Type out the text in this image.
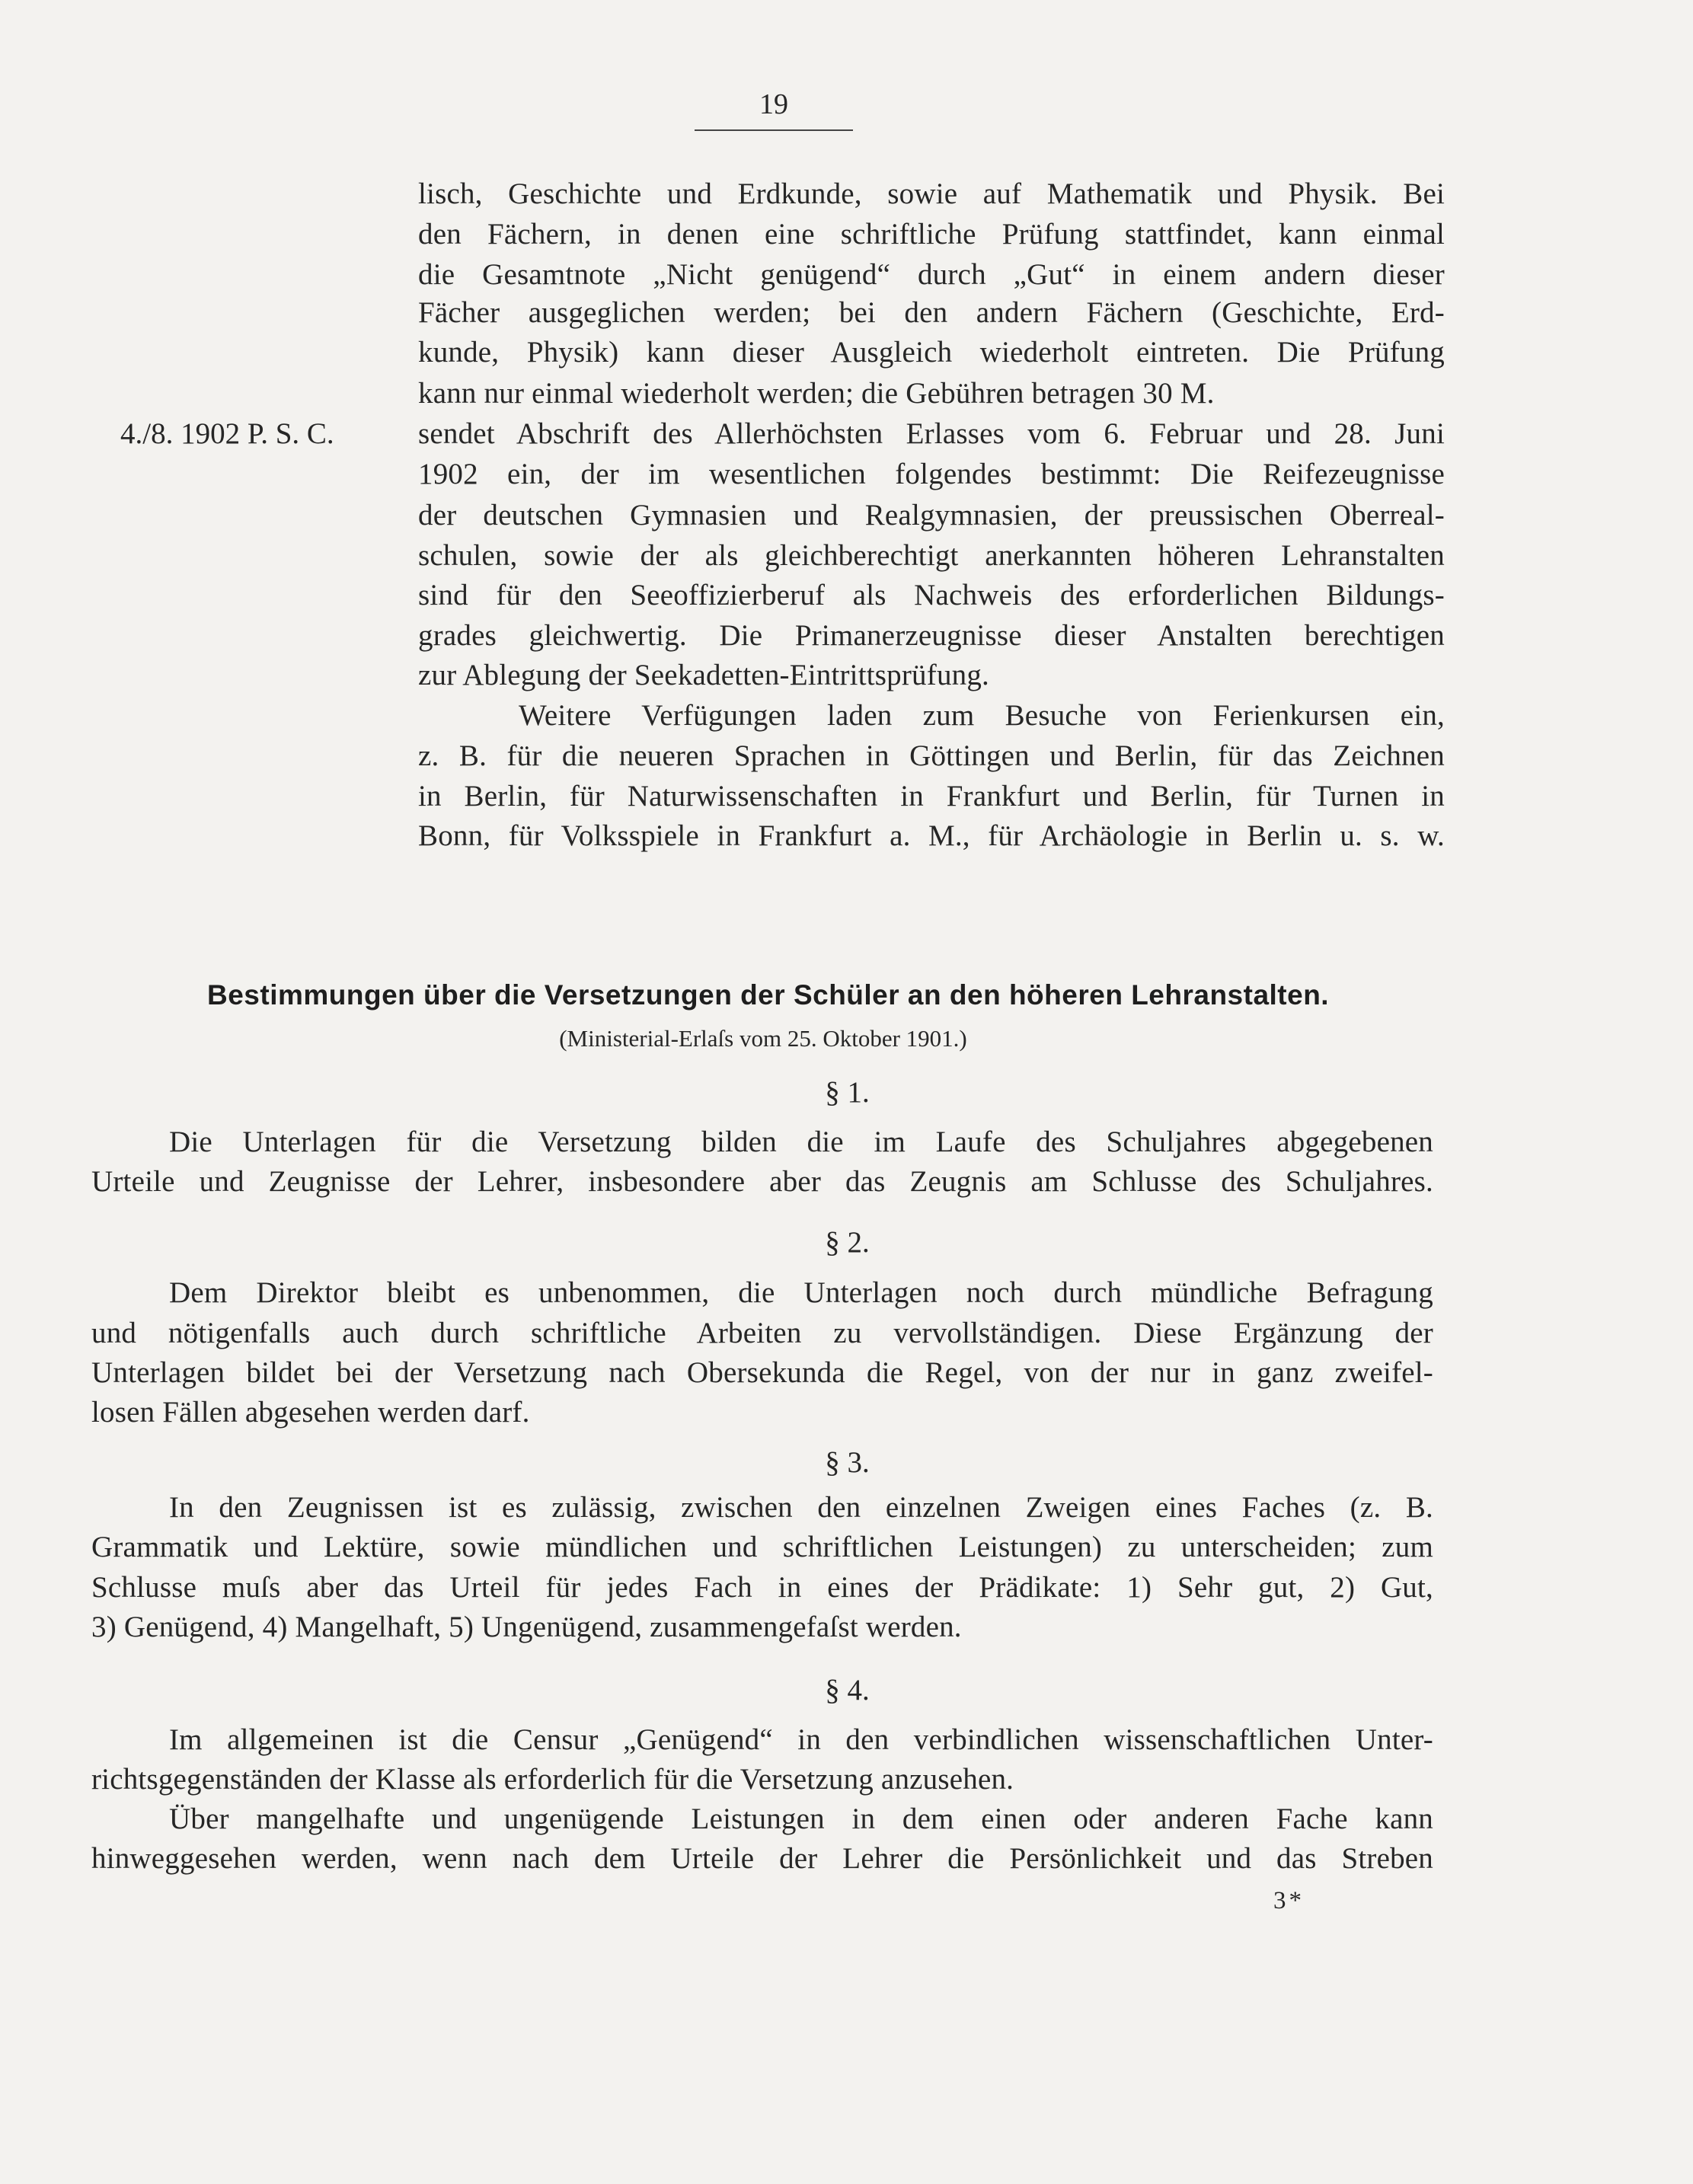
19
lisch, Geschichte und Erdkunde, sowie auf Mathematik und Physik. Bei
den Fächern, in denen eine schriftliche Prüfung stattfindet, kann einmal
die Gesamtnote „Nicht genügend“ durch „Gut“ in einem andern dieser
Fächer ausgeglichen werden; bei den andern Fächern (Geschichte, Erd-
kunde, Physik) kann dieser Ausgleich wiederholt eintreten. Die Prüfung
kann nur einmal wiederholt werden; die Gebühren betragen 30 M.
4./8. 1902 P. S. C.	sendet Abschrift des Allerhöchsten Erlasses vom 6. Februar und 28. Juni
1902 ein, der im wesentlichen folgendes bestimmt: Die Reifezeugnisse
der deutschen Gymnasien und Realgymnasien, der preussischen Oberreal-
schulen, sowie der als gleichberechtigt anerkannten höheren Lehranstalten
sind für den Seeoffizierberuf als Nachweis des erforderlichen Bildungs-
grades gleichwertig. Die Primanerzeugnisse dieser Anstalten berechtigen
zur Ablegung der Seekadetten-Eintrittsprüfung.
Weitere Verfügungen laden zum Besuche von Ferienkursen ein,
z. B. für die neueren Sprachen in Göttingen und Berlin, für das Zeichnen
in Berlin, für Naturwissenschaften in Frankfurt und Berlin, für Turnen in
Bonn, für Volksspiele in Frankfurt a. M., für Archäologie in Berlin u. s. w.
Bestimmungen über die Versetzungen der Schüler an den höheren Lehranstalten.
(Ministerial-Erlaſs vom 25. Oktober 1901.)
§ 1.
Die Unterlagen für die Versetzung bilden die im Laufe des Schuljahres abgegebenen
Urteile und Zeugnisse der Lehrer, insbesondere aber das Zeugnis am Schlusse des Schuljahres.
§ 2.
Dem Direktor bleibt es unbenommen, die Unterlagen noch durch mündliche Befragung
und nötigenfalls auch durch schriftliche Arbeiten zu vervollständigen. Diese Ergänzung der
Unterlagen bildet bei der Versetzung nach Obersekunda die Regel, von der nur in ganz zweifel-
losen Fällen abgesehen werden darf.
§ 3.
In den Zeugnissen ist es zulässig, zwischen den einzelnen Zweigen eines Faches (z. B.
Grammatik und Lektüre, sowie mündlichen und schriftlichen Leistungen) zu unterscheiden; zum
Schlusse muſs aber das Urteil für jedes Fach in eines der Prädikate: 1) Sehr gut, 2) Gut,
3) Genügend, 4) Mangelhaft, 5) Ungenügend, zusammengefaſst werden.
§ 4.
Im allgemeinen ist die Censur „Genügend“ in den verbindlichen wissenschaftlichen Unter-
richtsgegenständen der Klasse als erforderlich für die Versetzung anzusehen.
Über mangelhafte und ungenügende Leistungen in dem einen oder anderen Fache kann
hinweggesehen werden, wenn nach dem Urteile der Lehrer die Persönlichkeit und das Streben
3*
